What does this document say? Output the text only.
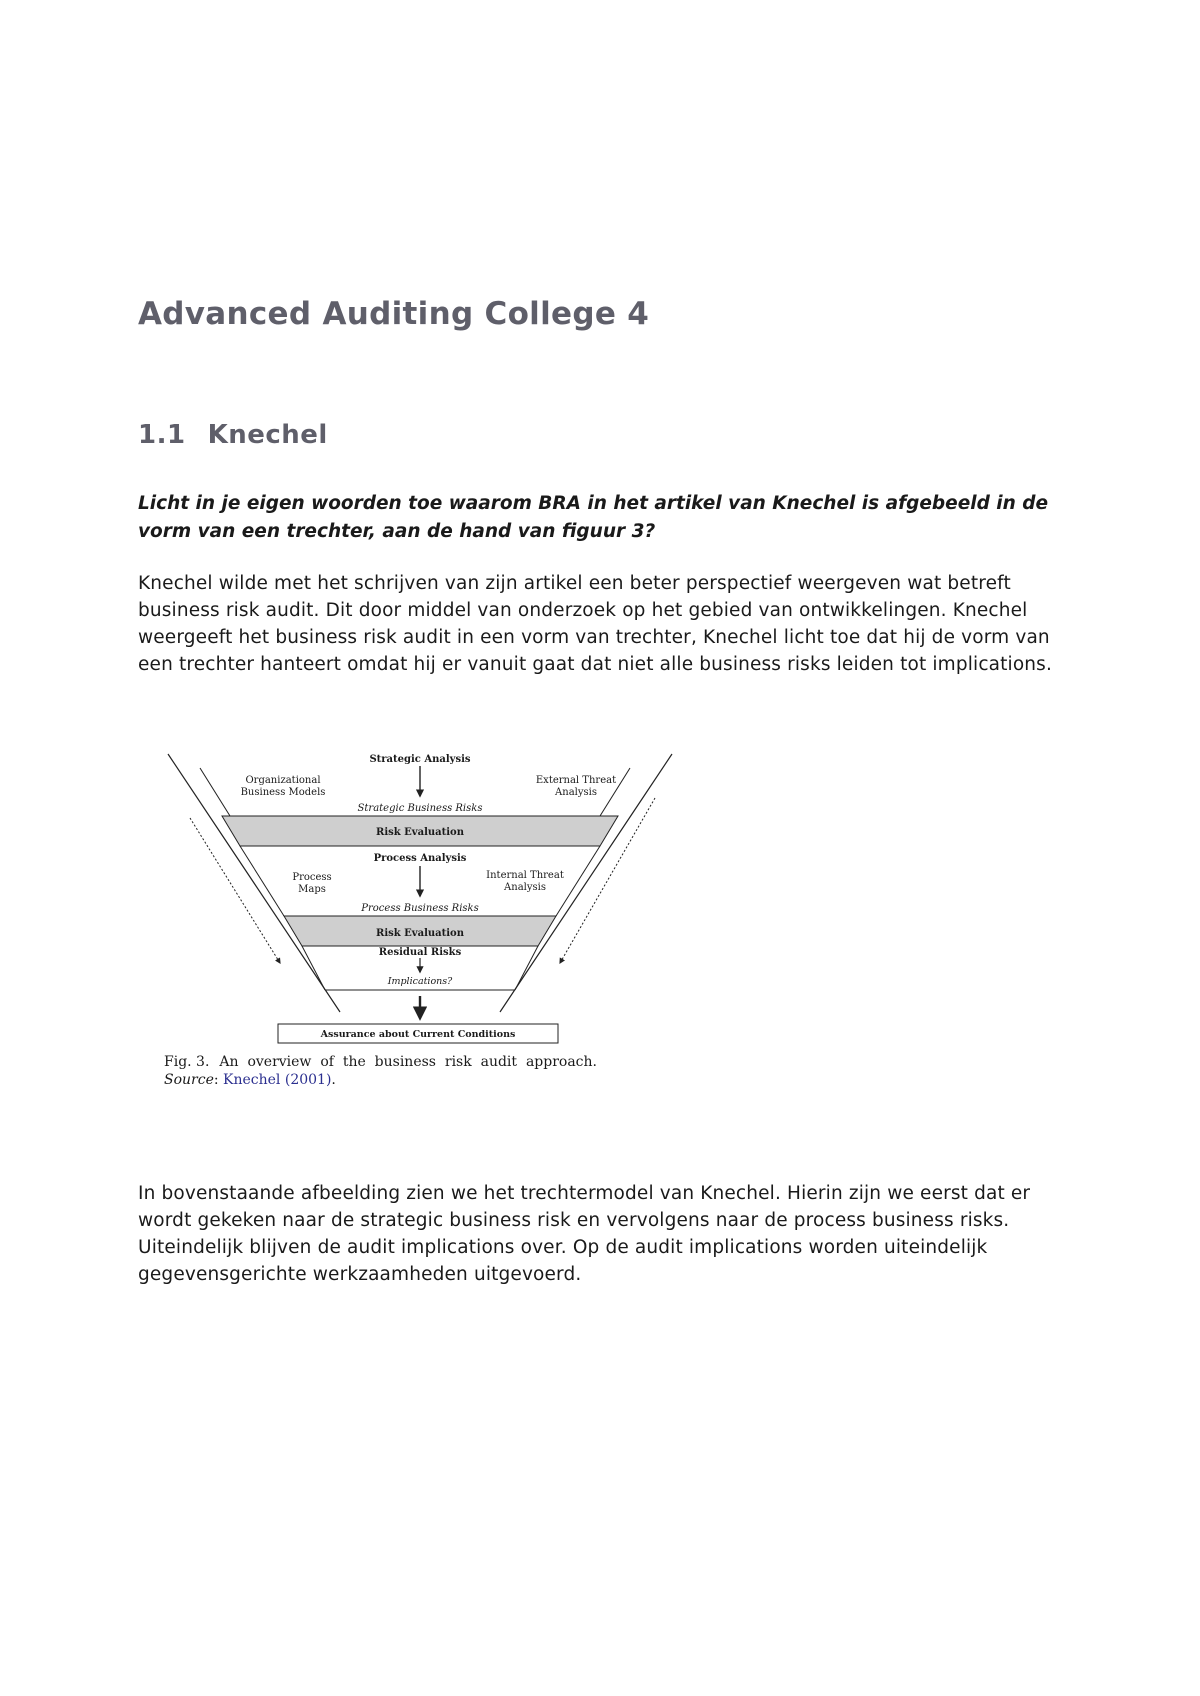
Advanced Auditing College 4
1.1 Knechel

Licht in je eigen woorden toe waarom BRA in het artikel van Knechel is afgebeeld in de vorm van een trechter, aan de hand van figuur 3?

Knechel wilde met het schrijven van zijn artikel een beter perspectief weergeven wat betreft business risk audit. Dit door middel van onderzoek op het gebied van ontwikkelingen. Knechel weergeeft het business risk audit in een vorm van trechter, Knechel licht toe dat hij de vorm van een trechter hanteert omdat hij er vanuit gaat dat niet alle business risks leiden tot implications.

Strategic Analysis
Organizational
Business Models
External Threat
Analysis
Strategic Business Risks
Risk Evaluation
Process Analysis
Process
Maps
Internal Threat
Analysis
Process Business Risks
Risk Evaluation
Residual Risks
Implications?
Assurance about Current Conditions
Fig. 3. An  overview  of  the  business  risk  audit  approach.
Source: Knechel (2001).

In bovenstaande afbeelding zien we het trechtermodel van Knechel. Hierin zijn we eerst dat er wordt gekeken naar de strategic business risk en vervolgens naar de process business risks. Uiteindelijk blijven de audit implications over. Op de audit implications worden uiteindelijk gegevensgerichte werkzaamheden uitgevoerd.
